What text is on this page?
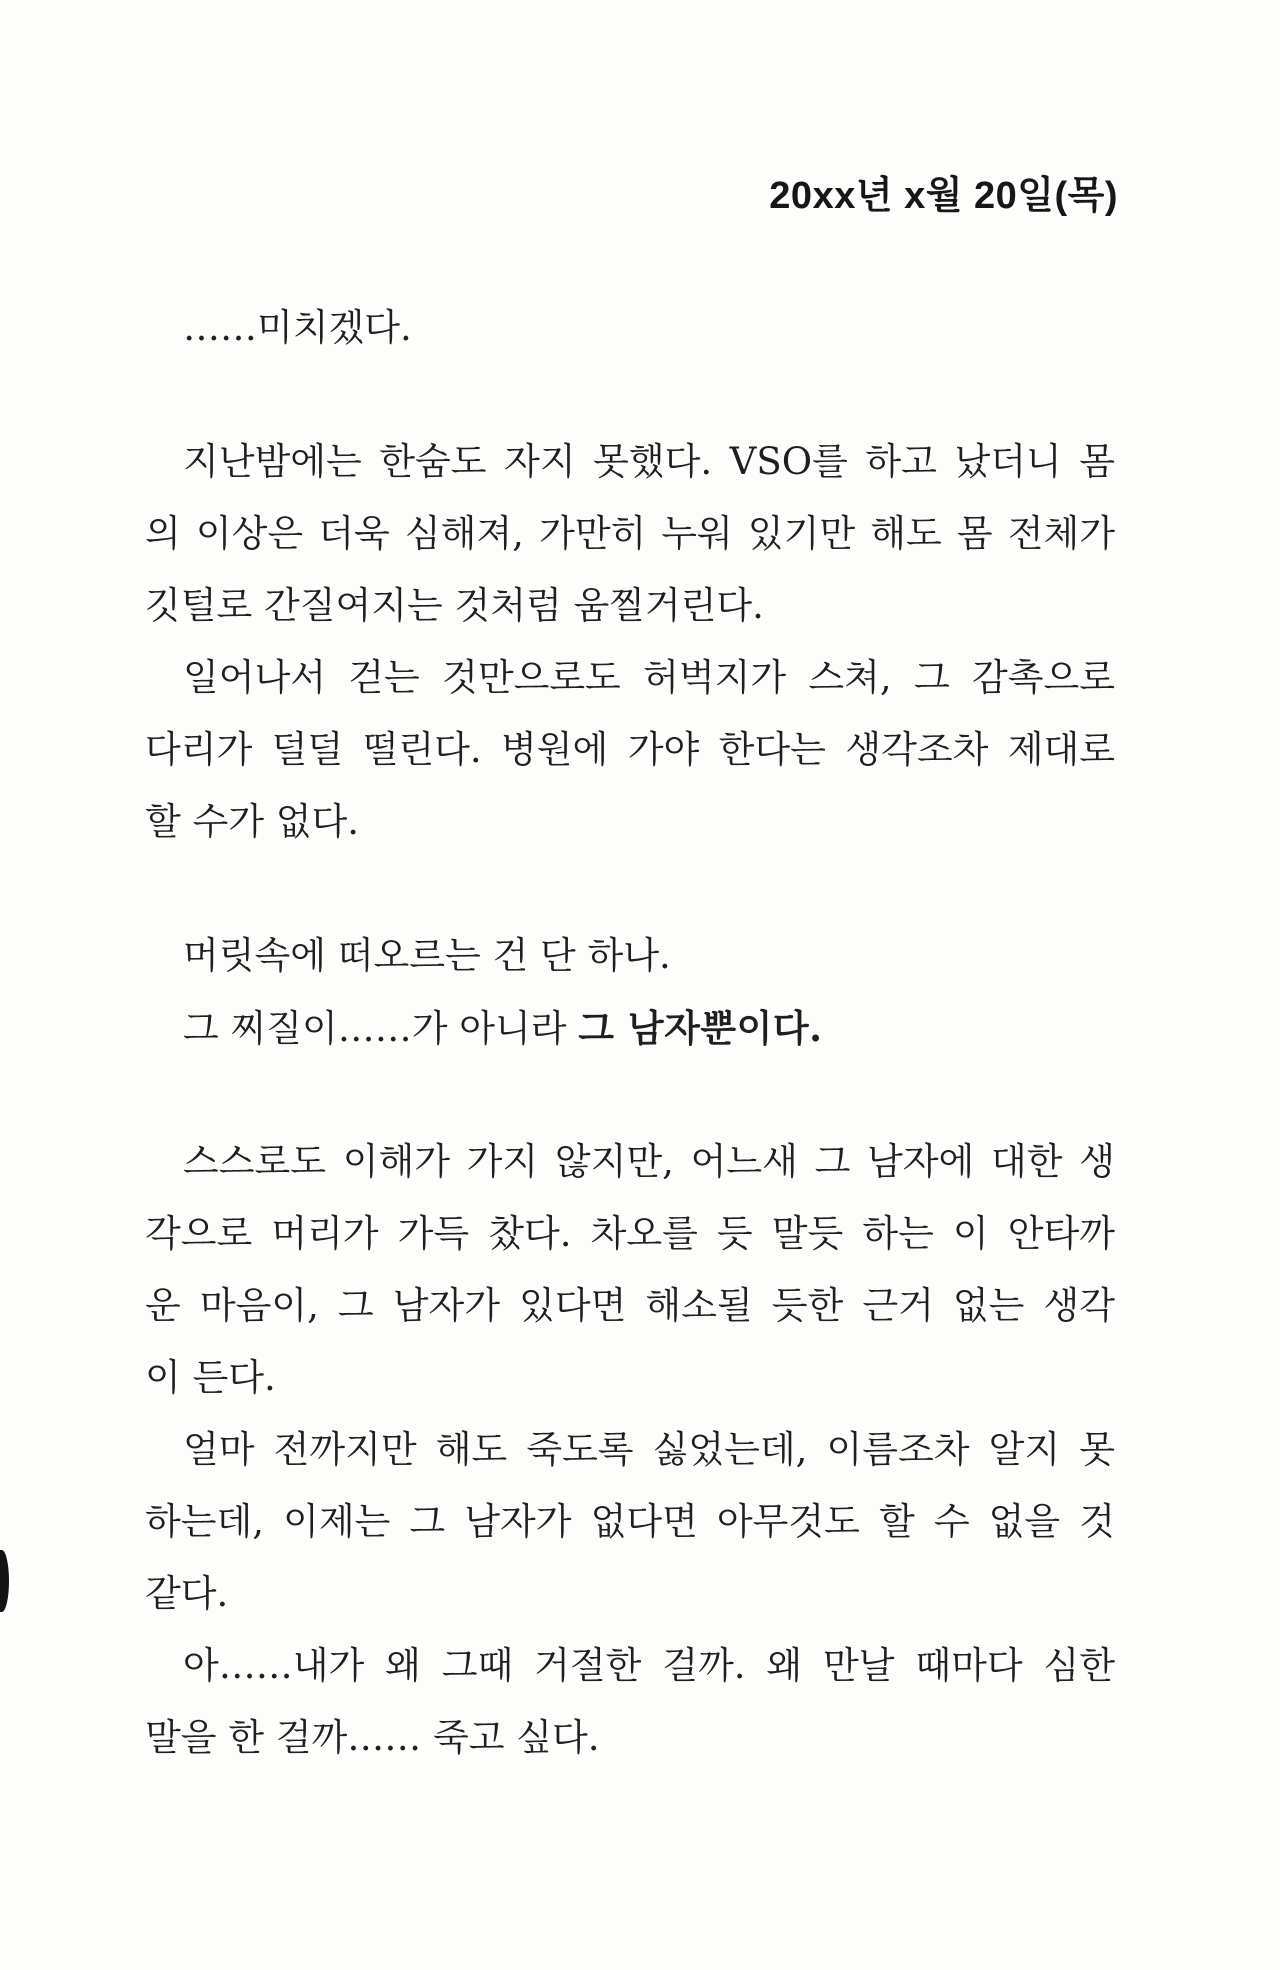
20xx년 x월 20일(목)
……미치겠다.
지난밤에는 한숨도 자지 못했다. VSO를 하고 났더니 몸
의 이상은 더욱 심해져, 가만히 누워 있기만 해도 몸 전체가
깃털로 간질여지는 것처럼 움찔거린다.
일어나서 걷는 것만으로도 허벅지가 스쳐, 그 감촉으로
다리가 덜덜 떨린다. 병원에 가야 한다는 생각조차 제대로
할 수가 없다.
머릿속에 떠오르는 건 단 하나.
그 찌질이……가 아니라 그 남자뿐이다.
스스로도 이해가 가지 않지만, 어느새 그 남자에 대한 생
각으로 머리가 가득 찼다. 차오를 듯 말듯 하는 이 안타까
운 마음이, 그 남자가 있다면 해소될 듯한 근거 없는 생각
이 든다.
얼마 전까지만 해도 죽도록 싫었는데, 이름조차 알지 못
하는데, 이제는 그 남자가 없다면 아무것도 할 수 없을 것
같다.
아……내가 왜 그때 거절한 걸까. 왜 만날 때마다 심한
말을 한 걸까…… 죽고 싶다.
